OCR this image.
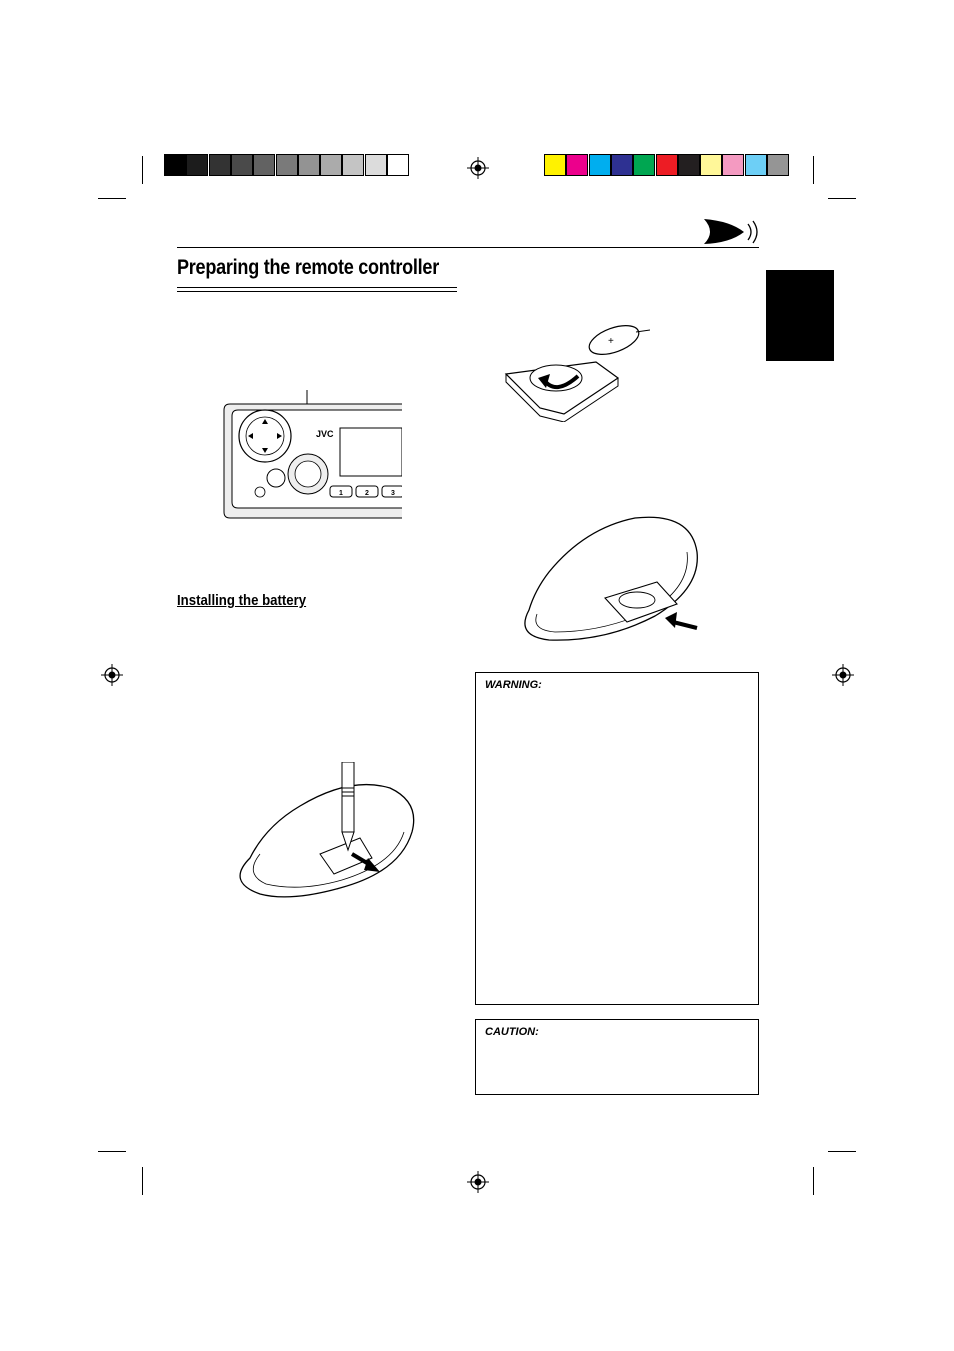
Preparing the remote controller
JVC
1	2	3
Installing the battery
+
WARNING:
CAUTION:
